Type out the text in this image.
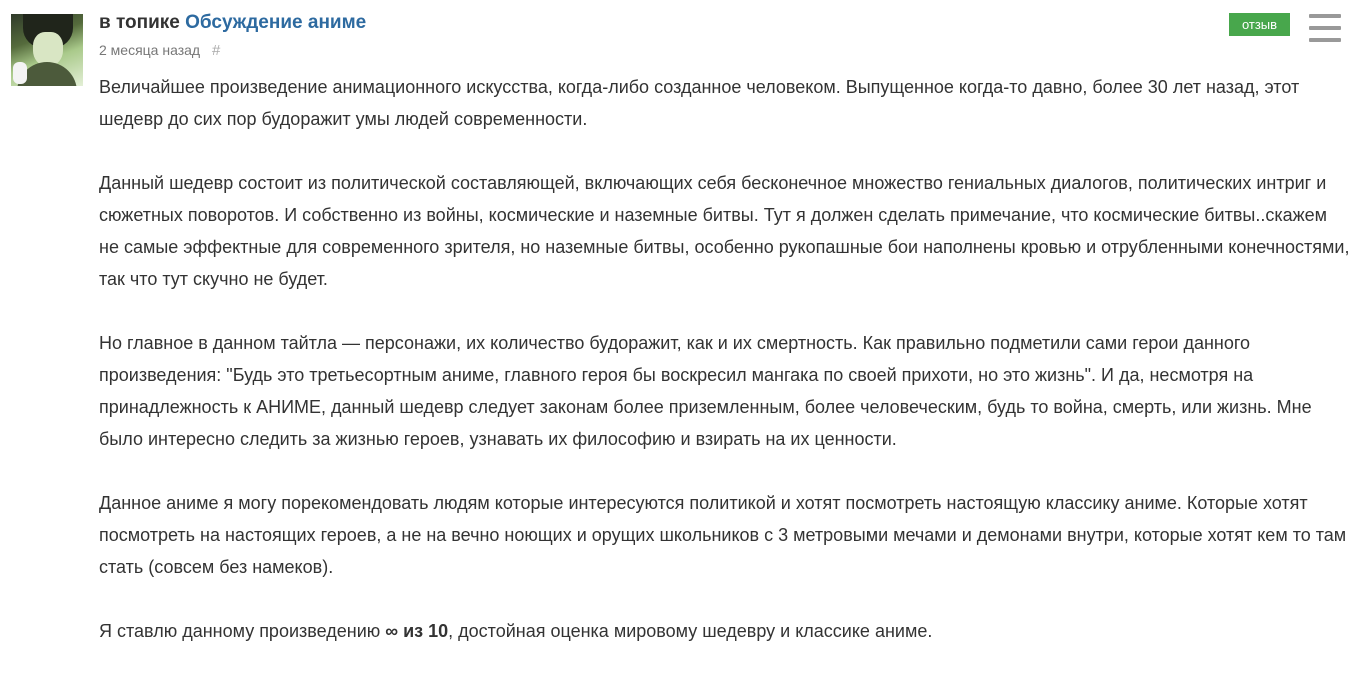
в топике Обсуждение аниме
2 месяца назад #
отзыв

Величайшее произведение анимационного искусства, когда-либо созданное человеком. Выпущенное когда-то давно, более 30 лет назад, этот шедевр до сих пор будоражит умы людей современности.

Данный шедевр состоит из политической составляющей, включающих себя бесконечное множество гениальных диалогов, политических интриг и сюжетных поворотов. И собственно из войны, космические и наземные битвы. Тут я должен сделать примечание, что космические битвы..скажем не самые эффектные для современного зрителя, но наземные битвы, особенно рукопашные бои наполнены кровью и отрубленными конечностями, так что тут скучно не будет.

Но главное в данном тайтла — персонажи, их количество будоражит, как и их смертность. Как правильно подметили сами герои данного произведения: "Будь это третьесортным аниме, главного героя бы воскресил мангака по своей прихоти, но это жизнь". И да, несмотря на принадлежность к АНИМЕ, данный шедевр следует законам более приземленным, более человеческим, будь то война, смерть, или жизнь. Мне было интересно следить за жизнью героев, узнавать их философию и взирать на их ценности.

Данное аниме я могу порекомендовать людям которые интересуются политикой и хотят посмотреть настоящую классику аниме. Которые хотят посмотреть на настоящих героев, а не на вечно ноющих и орущих школьников с 3 метровыми мечами и демонами внутри, которые хотят кем то там стать (совсем без намеков).

Я ставлю данному произведению ∞ из 10, достойная оценка мировому шедевру и классике аниме.
